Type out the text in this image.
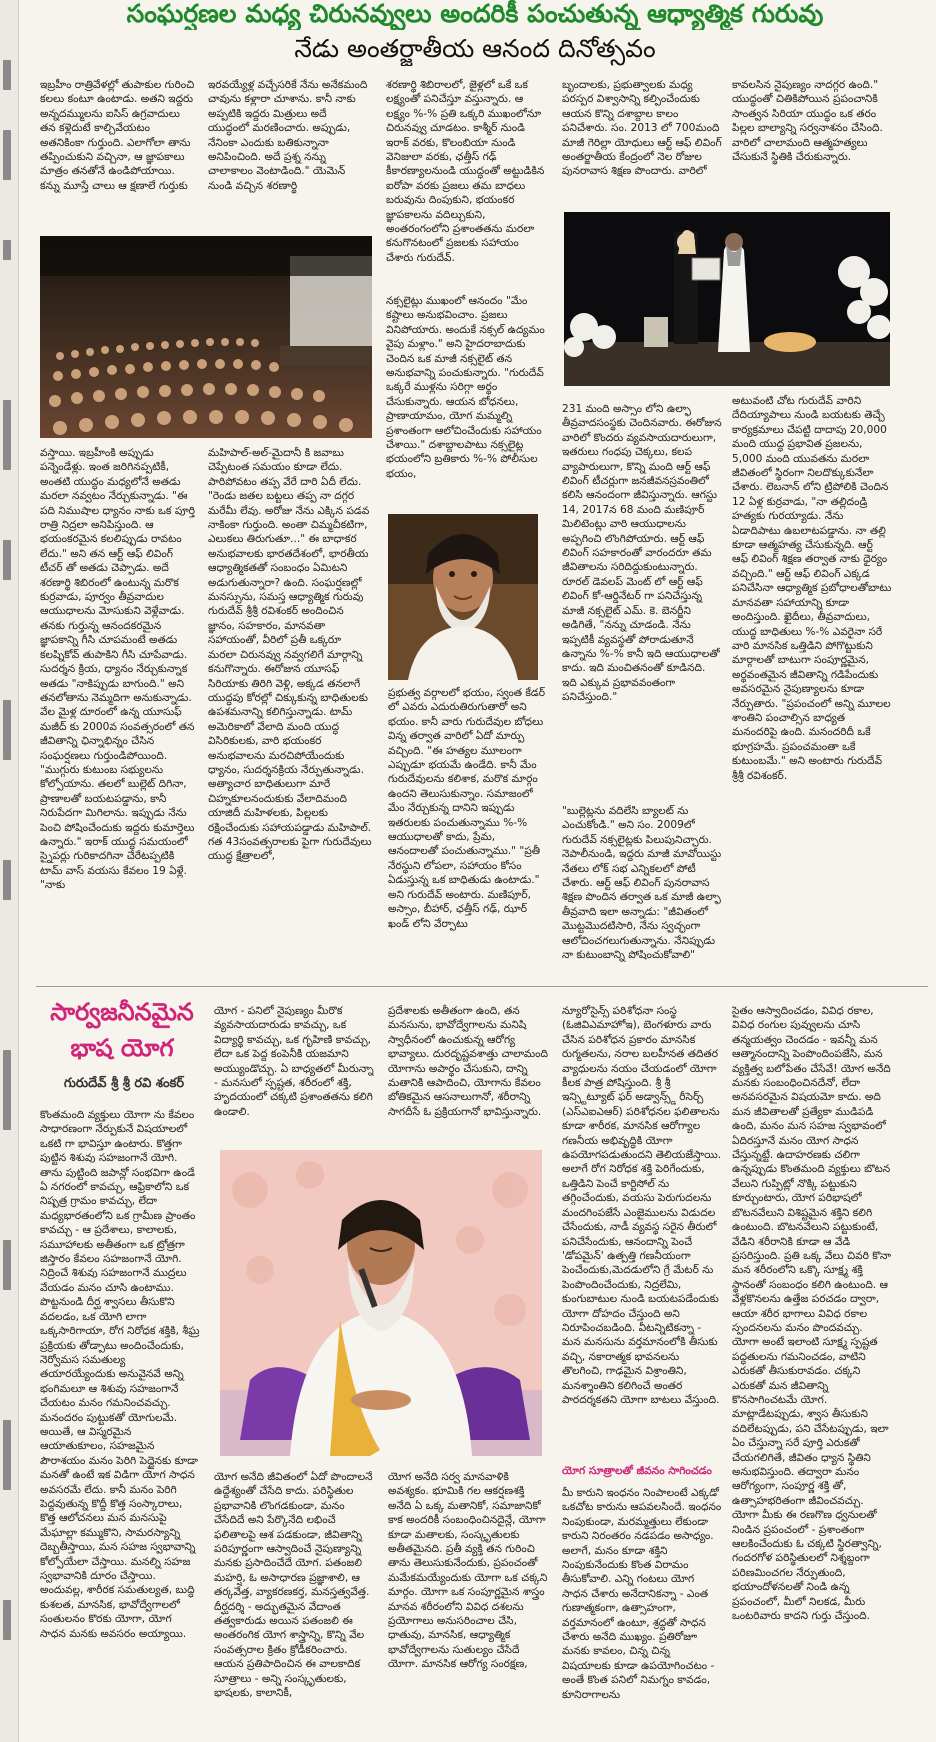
సంఘర్షణల మధ్య చిరునవ్వులు అందరికీ పంచుతున్న ఆధ్యాత్మిక గురువు
నేడు అంతర్జాతీయ ఆనంద దినోత్సవం
ఇబ్రహీం రాత్రివేళల్లో తుపాకుల గురించి కలలు కంటూ ఉంటాడు. అతని ఇద్దరు అన్నదమ్ములను ఐసిస్ ఉగ్రవాదులు తన కళ్లెదుటే కాల్చివేయటం అతనికింకా గుర్తుంది. ఎలాగోలా తాను తప్పించుకుని వచ్చినా, ఆ జ్ఞాపకాలు మాత్రం తనతోనే ఉండిపోయాయి. కన్ను మూస్తే చాలు ఆ క్షణాలే గుర్తుకు
ఇరవయ్యేళ్ల వచ్చేసరికే నేను అనేకమంది చావును కళ్లారా చూశాను. కానీ నాకు అప్పటికి ఇద్దరు మిత్రులు అదే యుద్ధంలో మరణించారు. అప్పుడు, నేనింకా ఎందుకు బతికున్నానా అనిపించింది. అదే ప్రశ్న నన్ను చాలాకాలం వెంటాడింది." యెమెన్ నుండి వచ్చిన శరణార్థి
శరణార్థి శిబిరాలలో, జైళ్లలో ఒకే ఒక లక్ష్యంతో పనిచేస్తూ వస్తున్నారు. ఆ లక్ష్యం %-% ప్రతి ఒక్కరి ముఖంలోనూ చిరునవ్వు చూడటం. కాశ్మీర్ నుండి ఇరాక్ వరకు, కొలంబియా నుండి వెనిజులా వరకు, ఛత్తీస్ గఢ్ కీకారణ్యాలనుండి యుద్ధంతో అట్టుడికిన ఐరోపా వరకు ప్రజలు తమ బాధలు బరువును దింపుకుని, భయంకర జ్ఞాపకాలను వదిల్చుకుని, అంతరంగంలోని ప్రశాంతతను మరలా కనుగొనటంలో ప్రజలకు సహాయం చేశారు గురుదేవ్.
బృందాలకు, ప్రభుత్వాలకు మధ్య పరస్పర విశ్వాసాన్ని కల్పించేందుకు ఆయన కొన్ని దశాబ్దాల కాలం పనిచేశారు. సం. 2013 లో 700మంది మాజీ గెరిల్లా యోధులు ఆర్ట్ ఆఫ్ లివింగ్ అంతర్జాతీయ కేంద్రంలో నెల రోజుల పునరావాస శిక్షణ పొందారు. వారిలో
కావలసిన నైపుణ్యం నాదగ్గర ఉంది." యుద్ధంతో చితికిపోయిన ప్రపంచానికి సాంత్వన సిరియా యుద్ధం ఒక తరం పిల్లల బాల్యాన్ని సర్వనాశనం చేసింది. వారిలో చాలామంది ఆత్మహత్యలు చేసుకునే స్థితికి చేరుకున్నారు.
వస్తాయి. ఇబ్రహీంకి అప్పుడు పన్నెండేళ్లు. ఇంత జరిగినప్పటికీ, అంతటి యుద్ధం మధ్యలోనే అతడు మరలా నవ్వటం నేర్చుకున్నాడు. "ఈ పది నిముషాల ధ్యానం నాకు ఒక పూర్తి రాత్రి నిద్రలా అనిపిస్తుంది. ఆ భయంకరమైన కలలిప్పుడు రావటం లేదు." అని తన ఆర్ట్ ఆఫ్ లివింగ్ టీచర్ తో అతడు చెప్పాడు. అదే శరణార్థి శిబిరంలో ఉంటున్న మరొక కుర్రవాడు, పూర్వం తీవ్రవాదుల ఆయుధాలను మోసుకుని వెళ్లేవాడు. తనకు గుర్తున్న ఆనందకరమైన జ్ఞాపకాన్ని గీసి చూపమంటే అతడు కలష్నికోవ్ తుపాకిని గీసి చూపేవాడు. సుదర్శన క్రియ, ధ్యానం నేర్చుకున్నాక అతడు "నాకిప్పుడు బాగుంది." అని తనలోతాను నెమ్మదిగా అనుకున్నాడు. వేల మైళ్ల దూరంలో ఉన్న యూసుఫ్ మజీద్ కు 2000వ సంవత్సరంలో తన జీవితాన్ని ఛిన్నాభిన్నం చేసిన సంఘర్షణలు గుర్తుండిపోయింది. "ముగ్గురు కుటుంబ సభ్యులను కోల్పోయాను. తలలో బుల్లెట్ దిగినా, ప్రాణాలతో బయటపడ్డాను, కానీ నిరుపేదగా మిగిలాను. ఇప్పుడు నేను పెంచి పోషించేందుకు ఇద్దరు కుమార్తెలు ఉన్నారు." ఇరాక్ యుద్ధ సమయంలో స్నైపర్లు గురికాదగినా చేరేటప్పటికి టామ్ వాస్ వయసు కేవలం 19 ఏళ్లే. "నాకు
మహిపాల్-అల్-మైదానీ కి జవాబు చెప్పేటంత సమయం కూడా లేదు. పారిపోవటం తప్ప వేరే దారి ఏదీ లేదు. "రెండు జతల బట్టలు తప్ప నా దగ్గర మరేమీ లేవు. అరోజు నేను ఎక్కిన పడవ నాకింకా గుర్తుంది. అంతా చిమ్మచీకటిగా, ఎలుకలు తిరుగుతూ..." ఈ బాధాకర అనుభవాలకు భారతదేశంలో, భారతీయ ఆధ్యాత్మికతతో సంబంధం ఏమిటని అడుగుతున్నారా? ఉంది. సంఘర్షణల్లో మనస్సును, సమస్త ఆధ్యాత్మిక గురువు గురుదేవ్ శ్రీశ్రీ రవిశంకర్ అందించిన జ్ఞానం, సహకారం, మానవతా సహాయంతో, వీరిలో ప్రతీ ఒక్కరూ మరలా చిరునవ్వు నవ్వగలిగే మార్గాన్ని కనుగొన్నారు. ఈరోజున యూసఫ్ సిరియాకు తిరిగి వెళ్లి, అక్కడ తనలాగే యుద్ధపు కోరల్లో చిక్కుకున్న బాధితులకు ఉపశమనాన్ని కలిగిస్తున్నాడు. టామ్ అమెరికాలో వేలాది మంది యుద్ధ విసిరికులకు, వారి భయంకర అనుభవాలను మరచిపోయేందుకు ధ్యానం, సుదర్శనక్రియ నేర్పుతున్నాడు. అత్యాచార బాధితులుగా మారే చిహ్నకూలనందుకుకు వేలాదిమంది యాజిదీ మహిళలకు, పిల్లలకు రక్షించేందుకు సహాయపడ్డాడు మహిపాల్. గత 43సంవత్సరాలకు పైగా గురుదేవులు యుద్ధ క్షేత్రాలలో,
నక్సలైట్లు ముఖంలో ఆనందం "మేం కష్టాలు అనుభవించాం. ప్రజలు వినిపోయారు. అందుకే నక్సల్ ఉద్యమం వైపు మళ్లాం." అని హైదరాబాదుకు చెందిన ఒక మాజీ నక్సలైట్ తన అనుభవాన్ని పంచుకున్నారు. "గురుదేవ్ ఒక్కరే ముళ్లను సరిగ్గా అర్థం చేసుకున్నారు. ఆయన బోధనలు, ప్రాణాయామం, యోగ మమ్మల్ని ప్రశాంతంగా ఆలోచించేందుకు సహాయం చేశాయి." దశాబ్దాలపాటు నక్సలైట్ల భయంలోని బ్రతికారు %-% పోలీసుల భయం,
ప్రభుత్వ వర్గాలలో భయం, స్వంత కేడర్ లో ఎవరు ఎదురుతిరుగుతారో అని భయం. కానీ వారు గురుదేవుల బోధలు విన్న తర్వాత వారిలో ఏదో మార్పు వచ్చింది. "ఈ హత్యల మూలంగా ఎప్పుడూ భయమే ఉండేది. కానీ మేం గురుదేవులను కలిశాక, మరొక మార్గం ఉందని తెలుసుకున్నాం. సమాజంలో మేం నేర్చుకున్న దానిని ఇప్పుడు ఇతరులకు పంచుతున్నాము %-% ఆయుధాలతో కాదు, ప్రేమ, ఆనందాలతో పంచుతున్నాము." "ప్రతీ నేరస్థుని లోపలా, సహాయం కోసం ఏడుస్తున్న ఒక బాధితుడు ఉంటాడు." అని గురుదేవ్ అంటారు. మణిపూర్, అస్సాం, బీహార్, ఛత్తీస్ గఢ్, ఝార్ ఖండ్ లోని వేర్పాటు
231 మంది అస్సాం లోని ఉల్ఫా తీవ్రవాదసంస్థకు చెందినవారు. ఈరోజున వారిలో కొందరు వ్యవసాయదారులుగా, ఇతరులు గంధపు చెక్కలు, కలప వ్యాపారులుగా, కొన్ని మంది ఆర్ట్ ఆఫ్ లివింగ్ టీచర్లుగా జనజీవనస్రవంతిలో కలిసి ఆనందంగా జీవిస్తున్నారు. ఆగస్టు 14, 2017న 68 మంది మణిపూర్ మిలిటెంట్లు వారి ఆయుధాలను అప్పగించి లొంగిపోయారు. ఆర్ట్ ఆఫ్ లివింగ్ సహకారంతో వారందరూ తమ జీవితాలను సరిదిద్దుకుంటున్నారు. రూరల్ డెవలప్ మెంట్ లో ఆర్ట్ ఆఫ్ లివింగ్ కో-ఆర్డినేటర్ గా పనిచేస్తున్న మాజీ నక్సలైట్ ఎమ్. కె. బెనర్జీని అడిగితే, "నన్ను చూడండి. నేను ఇప్పటికీ వ్యవస్థతో పోరాడుతూనే ఉన్నాను %-% కానీ ఇది ఆయుధాలతో కాదు. ఇది మంచితనంతో కూడినది. ఇది ఎక్కువ ప్రభావవంతంగా పనిచేస్తుంది."
"బుల్లెట్లను వదిలేసి బ్యాలట్ ను ఎంచుకోండి." అని సం. 2009లో గురుదేవ్ నక్సలైట్లకు పిలుపునిచ్చారు. నెపాలీనుండి, ఇద్దరు మాజీ మావోయిస్టు నేతలు లోక్ సభ ఎన్నికలలో పోటీ చేశారు. ఆర్ట్ ఆఫ్ లివింగ్ పునరావాస శిక్షణ పొందిన తర్వాత ఒక మాజీ ఉల్ఫా తీవ్రవాది ఇలా అన్నాడు: "జీవితంలో మొట్టమొదటిసారి, నేను స్వచ్ఛంగా ఆలోచించగలుగుతున్నాను. నేనిప్పుడు నా కుటుంబాన్ని పోషించుకోవాలి"
అటువంటి చోట గురుదేవ్ వారిని దేదియ్యాపాలు నుండి బయటకు తెచ్చే కార్యక్రమాలు చేపట్టి దాదాపు 20,000 మంది యుద్ధ ప్రభావిత ప్రజలను, 5,000 మంది యువతను మరలా జీవితంలో స్థిరంగా నిలదొక్కుకునేలా చేశారు. లెబనాన్ లోని ట్రిపోలికి చెందిన 12 ఏళ్ల కుర్రవాడు, "నా తల్లిదండ్రి హత్యకు గురయ్యాడు. నేను ఏడాదిపాటు ఉబలాటపడ్డాను. నా తల్లి కూడా ఆత్మహత్య చేసుకున్నది. ఆర్ట్ ఆఫ్ లివింగ్ శిక్షణ తర్వాత నాకు ధైర్యం వచ్చింది." ఆర్ట్ ఆఫ్ లివింగ్ ఎక్కడ పనిచేసినా ఆధ్యాత్మిక ప్రబోధాలతోబాటు మానవతా సహాయాన్ని కూడా అందిస్తుంది. ఖైదీలు, తీవ్రవాదులు, యుద్ధ బాధితులు %-% ఎవరైనా సరే వారి మానసిక ఒత్తిడిని పోగొట్టుకుని మార్గాలతో బాటుగా సంపూర్ణమైన, అర్థవంతమైన జీవితాన్ని గడిపేందుకు అవసరమైన నైపుణ్యాలను కూడా నేర్పుతారు. "ప్రపంచంలో అన్ని మూలల శాంతిని పంచాల్సిన బాధ్యత మనందరిపై ఉంది. మనందరిదీ ఒకే భూగ్రహమే. ప్రపంచమంతా ఒకే కుటుంబమే." అని అంటారు గురుదేవ్ శ్రీశ్రీ రవిశంకర్.
సార్వజనీనమైన భాష యోగ
గురుదేవ్ శ్రీ శ్రీ రవి శంకర్
కొంతమంది వ్యక్తులు యోగా ను కేవలం సాధారణంగా నేర్పుకునే విషయాలలో ఒకటి గా భావిస్తూ ఉంటారు. కొత్తగా పుట్టిన శిశువు సహజంగానే యోగి. తాను పుట్టింది జపాన్లో సంభవిగా ఉండే ఏ నగరంలో కావచ్చు, ఆఫ్రికాలోని ఒక నిష్పత్ర గ్రామం కావచ్చు, లేదా మధ్యభారతంలోని ఒక గ్రామీణ ప్రాంతం కావచ్చు - ఆ ప్రదేశాలు, కాలాలకు, సమూహాలకు అతీతంగా ఒక ట్రోత్రగా జిస్తారం కేవలం సహజంగానే యోగి. నిద్రించే శిశువు సహజంగానే ముద్రలు వేయడం మనం చూసి ఉంటాము. పొట్టనుండి దీర్ఘ శ్వాసలు తీసుకొని వదలడం, ఒక యోగి లాగా ఒక్కసారిగాయా, రోగ నిరోధక శక్తికి, శీఘ్ర ప్రక్రియకు తోడ్పాటు అందించేందుకు, నెర్వోమస సమతుల్య తయారయ్యేందుకు అనువైనవే అన్ని భంగిమలూ ఆ శిశువు సహజంగానే చేయటం మనం గమనించవచ్చు. మనందరం పుట్టుకతో యోగులమే. అయితే, ఆ విస్మరమైన ఆయాతుకూలం, సహజమైన పౌరాశయం మనం పెరిగి పెద్దైనకు కూడా మనతో ఉంటే ఇక విడిగా యోగ సాధన అవసరమే లేదు. కానీ మనం పెరిగి పెద్దవుతున్న కొద్దీ కొత్త సంస్కారాలు, కొత్త ఆలోచనలు మన మనసుపై మేఘాల్లా కమ్ముకొని, సామరస్యాన్ని దెబ్బతీస్తాయి, మన సహజ స్వభావాన్ని కోల్పోయేలా చేస్తాయి. మనల్ని సహజ స్వభావానికి దూరం చేస్తాయి. అందువల్ల, శారీరక సమతుల్యత, బుద్ధి కుశలత, మానసిక, భావోద్వేగాలలో సంతులనం కొరకు యోగా, యోగ సాధన మనకు అవసరం అయ్యాయి.
యోగ - పనిలో నైపుణ్యం మీరొక వ్యవసాయదారుడు కావచ్చు, ఒక విద్యార్థి కావచ్చు, ఒక గృహిణి కావచ్చు, లేదా ఒక పెద్ద కంపెనీకి యజమాని అయ్యుండొచ్చు. ఏ బాధ్యతలో మీరున్నా - మనసులో స్పష్టత, శరీరంలో శక్తి, హృదయంలో చక్కటి ప్రశాంతతను కలిగి ఉండాలి.
ప్రదేశాలకు అతీతంగా ఉంది, తన మనసును, భావోద్వేగాలను మనిషి స్వాధీనంలో ఉంచుకున్న ఆరోగ్య భావ్యాలు. దురదృష్టవశాత్తు చాలామంది యోగాను అపార్థం చేసుకుని, దాన్ని మతానికి ఆపాదించి, యోగాను కేవలం బోతికమైన ఆసనాలుగానో, శరీరాన్ని సాగదీసే ఓ ప్రక్రియగానో భావిస్తున్నారు.
యోగ అనేది జీవితంలో ఏదో పొందాలనే ఉద్దేశ్యంతో చేసేది కాదు. పరిస్థితుల ప్రభావానికి లొంగడకుండా, మనం చేసేదిదే అని పేర్కొనేది లభించే ఫలితాలపై ఆశ పడకుండా, జీవితాన్ని పరిపూర్ణంగా ఆస్వాదించే నైపుణ్యాన్ని మనకు ప్రసాదించేదే యోగ. పతంజలి మహర్షి, ఓ అసాధారణ ప్రజ్ఞాశాలి, ఆ తర్కవేత్త, వ్యాకరణకర్త, మనస్తత్వవేత్త. దీర్ఘదర్శి - అద్భుతమైన వేదాంత తత్వకారుడు అయిన పతంజలి ఈ అంతరంగిక యోగ శాస్త్రాన్ని, కొన్ని వేల సంవత్సరాల క్రితం క్రోడీకరించారు. ఆయన ప్రతిపాదించిన ఈ వాలకాదిక సూత్రాలు - అన్ని సంస్కృతులకు, భాషలకు, కాలానికీ,
యోగ అనేది సర్వ మానవాళికి అవశ్యకం. భూమికి గల ఆకర్షణశక్తి అనేది ఏ ఒక్క మతానికో, సమాజానికో కాక అందరికీ సంబంధించినదైన్లే, యోగా కూడా మతాలకు, సంస్కృతులకు అతీతమైనది. ప్రతీ వ్యక్తి తన గురించి తాను తెలుసుకునేందుకు, ప్రపంచంతో మమేకమయ్యేందుకు యోగా ఒక చక్కని మార్గం. యోగా ఒక సంపూర్ణమైన శాస్త్రం మానవ శరీరంలోని వివిధ దశలను ప్రయోగాలు అనుసరించాల చేసి, ధాతువు, మానసిక, ఆధ్యాత్మిక భావోద్వేగాలను సుతుల్యం చేసేదే యోగా. మానసిక ఆరోగ్య సంరక్షణ,
న్యూరోసైన్స్ పరిశోధనా సంస్థ (ఓజివిఎమాహోఇ), బెంగళూరు వారు చేసిన పరిశోధన ప్రకారం మానసిక రుగ్మతలను, నరాల బలహీనత తదితర వ్యాధులను నయం చేయడంలో యోగా కీలక పాత్ర పోషిస్తుంది. శ్రీ శ్రీ ఇన్స్టిట్యూట్ ఫర్ అడ్వాన్స్డ్ రీసెర్చ్ (ఎస్ఎఐఎఆర్) పరిశోధనల ఫలితాలను కూడా శారీరక, మానసిక ఆరోగ్యాల గణనీయ అభివృద్ధికి యోగా ఉపయోగపడుతుందని తెలియజేస్తాయి. అలాగే రోగ నిరోధక శక్తి పెరిగేందుకు, ఒత్తిడిని పెంచే కార్టిసోల్ ను తగ్గించేందుకు, వయసు పెరుగుదలను మందగింపజేసే ఎంజైములను విడుదల చేసేందుకు, నాడీ వ్యవస్థ సరైన తీరులో పనిచేసేందుకు, ఆనందాన్ని పెంచే 'డోపమైన్' ఉత్పత్తి గణనీయంగా పెంచేందుకు,మెదడులోని గ్రే మేటర్ ను పెంపొందించేందుకు, నిద్రలేమి, కుంగుబాటుల నుండి బయటపడేందుకు యోగా దోహదం చేస్తుంది అని నిరూపించబడింది. వీటన్నిటికన్నా - మన మనసును వర్తమానంలోకి తీసుకు వచ్చి, నకారాత్మక భావనలను తొలగించి, గాఢమైన విశ్రాంతిని, మనశ్శాంతిని కలిగించే అంతర పారదర్శకతని యోగా బాటలు వేస్తుంది.
యోగ సూత్రాలతో జీవనం సాగించడం
మీ కారుని ఇంధనం నింపాలంటే ఎక్కడో ఒకచోట కారును ఆపవలసిందే. ఇంధనం నింపుకుండా, మరమ్మత్తులు లేకుండా కారుని నిరంతరం నడపడం అసాధ్యం. అలాగే, మనం కూడా శక్తిని నింపుకునేందుకు కొంత విరామం తీసుకోవాలి. ఎన్ని గంటలు యోగ సాధన చేశారు అనేదానికన్నా - ఎంత గుణాత్మకంగా, ఉత్సాహంగా, వర్తమానంలో ఉంటూ, శ్రద్ధతో సాధన చేశారు అనేది ముఖ్యం. ప్రతిరోజూ మనకు కావలం, చిన్న చిన్న విషయాలకు కూడా ఉపయోగించటం - అంతే కొంత పనిలో నిమగ్నం కావడం, కూనిరాగాలను
సైతం ఆస్వాదించడం, వివిధ రకాల, వివిధ రంగుల పువ్వులను చూసి తన్మయత్వం చెందడం - ఇవన్నీ మన ఆత్మానందాన్ని పెంపొందింపజేసి, మన వ్యక్తిత్వ బలోపేతం చేసేవే! యోగ అనేది మనకు సంబంధించినదేనో, లేదా అనవసరమైన విషయమో కాదు. అది మన జీవితాలతో ప్రత్యేకా ముడిపడి ఉంది, మనం మన సహజ స్వభావంలో ఏదిరస్తూనే మనం యోగ సాధన చేస్తున్నట్టే. ఉదాహరణకు చలిగా ఉన్నప్పుడు కొంతమంది వ్యక్తులు బొటన వేలుని గుప్పిట్లో నొక్కి పట్టుకుని కూర్చుంటారు, యోగ పరిభాషలో బొటనవేలుని విశిష్టమైన శక్తిని కలిగి ఉంటుంది. బొటనవేలుని పట్టుకుంటే, వేడిని శరీరానికి కూడా ఆ వేడి ప్రసరిస్తుంది. ప్రతి ఒక్క వేలు చివరి కొనా మన శరీరంలోని ఒక్కొ సూక్ష్మ శక్తి స్థానంతో సంబంధం కలిగి ఉంటుంది. ఆ వేళ్లకొనలను ఉత్తేజ పరచడం ద్వారా, ఆయా శరీర భాగాలు వివిధ రకాల స్పందనలను మనం పొందవచ్చు. యోగా అంటే ఇలాంటి సూక్ష్మ స్పష్టత పద్ధతులను గమనించడం, వాటిని ఎరుకతో తీసుకురావడం. చక్కని ఎరుకతో మన జీవితాన్ని కొనసాగించటమే యోగ. మాట్లాడేటప్పుడు, శ్వాస తీసుకుని వదిలేటప్పుడు, పని చేసేటప్పుడు, ఇలా ఏం చేస్తున్నా సరే పూర్తి ఎరుకతో చేయగలిగితే, జీవితం ధ్యాన స్థితిని అనుభవిస్తుంది. తద్వారా మనం ఆరోగ్యంగా, సంపూర్ణ శక్తి తో, ఉత్సాహభరితంగా జీవించవచ్చు. యోగా మీకు ఈ రణగొణ ధ్వనులతో నిండిన ప్రపంచంలో - ప్రశాంతంగా ఆలకించేందుకు ఓ చక్కటి స్థిరత్వాన్ని, గందరగోళ పరిస్థితులలో నిశ్శబ్దంగా పరిణమించగల నేర్పుతుంది, భయాందోళనలతో నిండి ఉన్న ప్రపంచంలో, మీలో నిలకడ, మీరు ఒంటరివారు కాదని గుర్తు చేస్తుంది.
